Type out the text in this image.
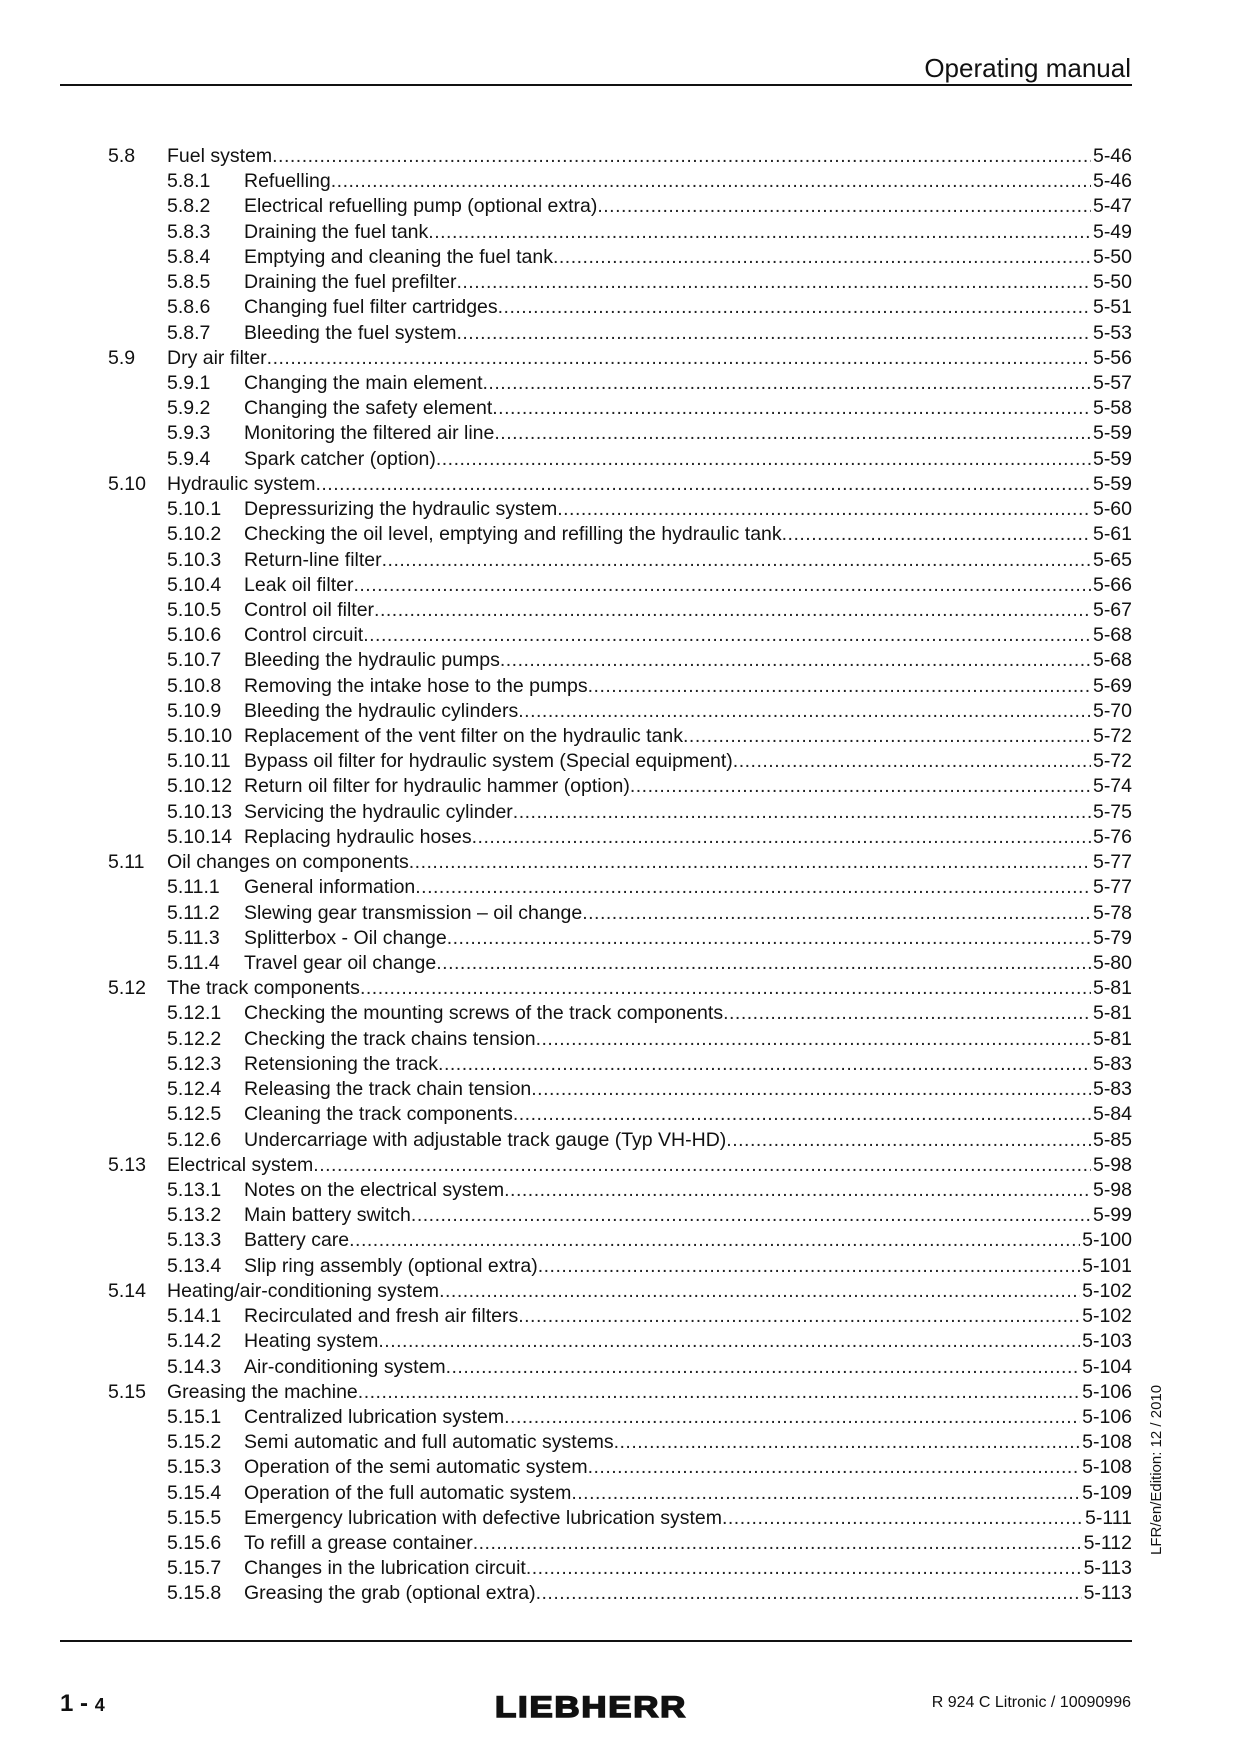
Operating manual
5.8 Fuel system .....	5-46
5.8.1 Refuelling .....	5-46
5.8.2 Electrical refuelling pump (optional extra) .....	5-47
5.8.3 Draining the fuel tank .....	5-49
5.8.4 Emptying and cleaning the fuel tank .....	5-50
5.8.5 Draining the fuel prefilter .....	5-50
5.8.6 Changing fuel filter cartridges .....	5-51
5.8.7 Bleeding the fuel system .....	5-53
5.9 Dry air filter .....	5-56
5.9.1 Changing the main element .....	5-57
5.9.2 Changing the safety element .....	5-58
5.9.3 Monitoring the filtered air line .....	5-59
5.9.4 Spark catcher (option) .....	5-59
5.10 Hydraulic system .....	5-59
5.10.1 Depressurizing the hydraulic system .....	5-60
5.10.2 Checking the oil level, emptying and refilling the hydraulic tank .....	5-61
5.10.3 Return-line filter .....	5-65
5.10.4 Leak oil filter .....	5-66
5.10.5 Control oil filter .....	5-67
5.10.6 Control circuit .....	5-68
5.10.7 Bleeding the hydraulic pumps .....	5-68
5.10.8 Removing the intake hose to the pumps .....	5-69
5.10.9 Bleeding the hydraulic cylinders .....	5-70
5.10.10 Replacement of the vent filter on the hydraulic tank .....	5-72
5.10.11 Bypass oil filter for hydraulic system (Special equipment) .....	5-72
5.10.12 Return oil filter for hydraulic hammer (option) .....	5-74
5.10.13 Servicing the hydraulic cylinder .....	5-75
5.10.14 Replacing hydraulic hoses .....	5-76
5.11 Oil changes on components .....	5-77
5.11.1 General information .....	5-77
5.11.2 Slewing gear transmission – oil change .....	5-78
5.11.3 Splitterbox - Oil change .....	5-79
5.11.4 Travel gear oil change .....	5-80
5.12 The track components .....	5-81
5.12.1 Checking the mounting screws of the track components .....	5-81
5.12.2 Checking the track chains tension .....	5-81
5.12.3 Retensioning the track .....	5-83
5.12.4 Releasing the track chain tension .....	5-83
5.12.5 Cleaning the track components .....	5-84
5.12.6 Undercarriage with adjustable track gauge (Typ VH-HD) .....	5-85
5.13 Electrical system .....	5-98
5.13.1 Notes on the electrical system .....	5-98
5.13.2 Main battery switch .....	5-99
5.13.3 Battery care .....	5-100
5.13.4 Slip ring assembly (optional extra) .....	5-101
5.14 Heating/air-conditioning system .....	5-102
5.14.1 Recirculated and fresh air filters .....	5-102
5.14.2 Heating system .....	5-103
5.14.3 Air-conditioning system .....	5-104
5.15 Greasing the machine .....	5-106
5.15.1 Centralized lubrication system .....	5-106
5.15.2 Semi automatic and full automatic systems .....	5-108
5.15.3 Operation of the semi automatic system .....	5-108
5.15.4 Operation of the full automatic system .....	5-109
5.15.5 Emergency lubrication with defective lubrication system .....	5-111
5.15.6 To refill a grease container .....	5-112
5.15.7 Changes in the lubrication circuit .....	5-113
5.15.8 Greasing the grab (optional extra) .....	5-113
LFR/en/Edition: 12 / 2010
1 - 4	LIEBHERR	R 924 C Litronic / 10090996
